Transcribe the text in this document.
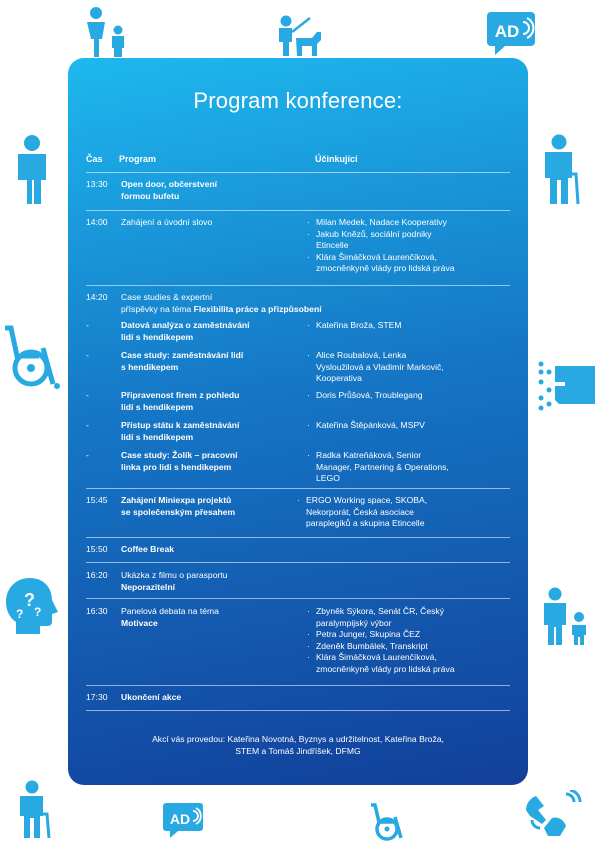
AD
?
?
?
AD
Program konference:
Čas Program	Účinkující
13:30	Open door, občerstvení
formou bufetu
14:00	Zahájení a úvodní slovo
·	Milan Medek, Nadace Kooperativy
· Jakub Knězů, sociální podniky
Etincelle
· Klára Šimáčková Laurenčíková,
zmocněnkyně vlády pro lidská práva
14:20	Case studies & expertní
příspěvky na téma Flexibilita práce a přizpůsobení
-	Datová analýza o zaměstnávání
lidí s hendikepem
· Kateřina Broža, STEM
-	Case study: zaměstnávání lidí
s hendikepem
· Alice Roubalová, Lenka
Vysloužilová a Vladimír Markovič,
Kooperativa
-	Připravenost firem z pohledu
lidí s hendikepem
· Doris Průšová, Troublegang
-	Přístup státu k zaměstnávání
lidí s hendikepem
· Kateřina Štěpánková, MSPV
-	Case study: Žolík – pracovní
linka pro lidi s hendikepem
· Radka Katreňáková, Senior
Manager, Partnering & Operations,
LEGO
15:45	Zahájení Miniexpa projektů
se společenským přesahem
· ERGO Working space, SKOBA,
Nekorporát, Česká asociace
paraplegiků a skupina Etincelle
15:50	Coffee Break
16:20	Ukázka z filmu o parasportu
Neporazitelní
16:30	Panelová debata na téma
Motivace
· Zbyněk Sýkora, Senát ČR, Český
paralympijský výbor
· Petra Junger, Skupina ČEZ
· Zdeněk Bumbálek, Transkript
· Klára Šimáčková Laurenčíková,
zmocněnkyně vlády pro lidská práva
17:30	Ukončení akce
Akcí vás provedou: Kateřina Novotná, Byznys a udržitelnost, Kateřina Broža,
STEM a Tomáš Jindříšek, DFMG
